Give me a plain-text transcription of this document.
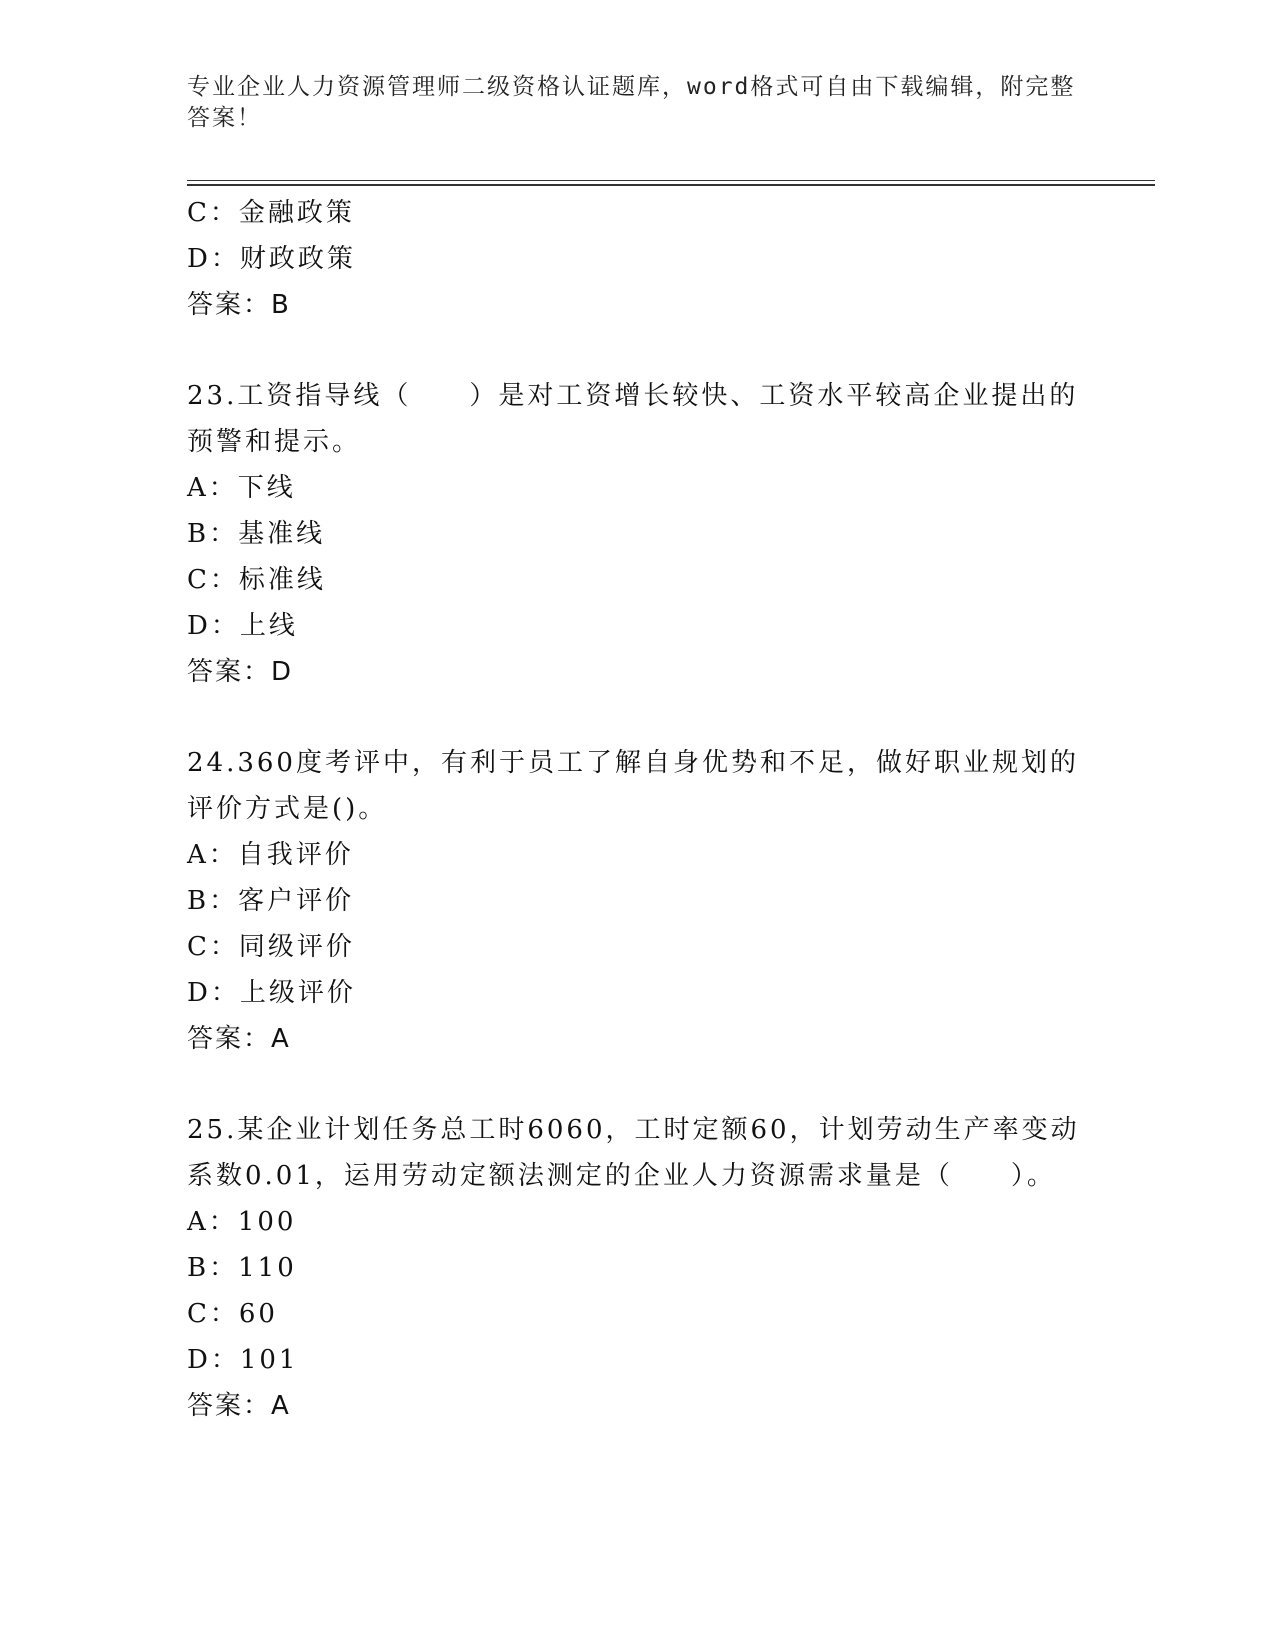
专业企业人力资源管理师二级资格认证题库，word格式可自由下载编辑，附完整答案！
C：金融政策
D：财政政策
答案：B
23.工资指导线（　　）是对工资增长较快、工资水平较高企业提出的预警和提示。
A：下线
B：基准线
C：标准线
D：上线
答案：D
24.360度考评中，有利于员工了解自身优势和不足，做好职业规划的评价方式是()。
A：自我评价
B：客户评价
C：同级评价
D：上级评价
答案：A
25.某企业计划任务总工时6060，工时定额60，计划劳动生产率变动系数0.01，运用劳动定额法测定的企业人力资源需求量是（　　）。
A：100
B：110
C：60
D：101
答案：A
